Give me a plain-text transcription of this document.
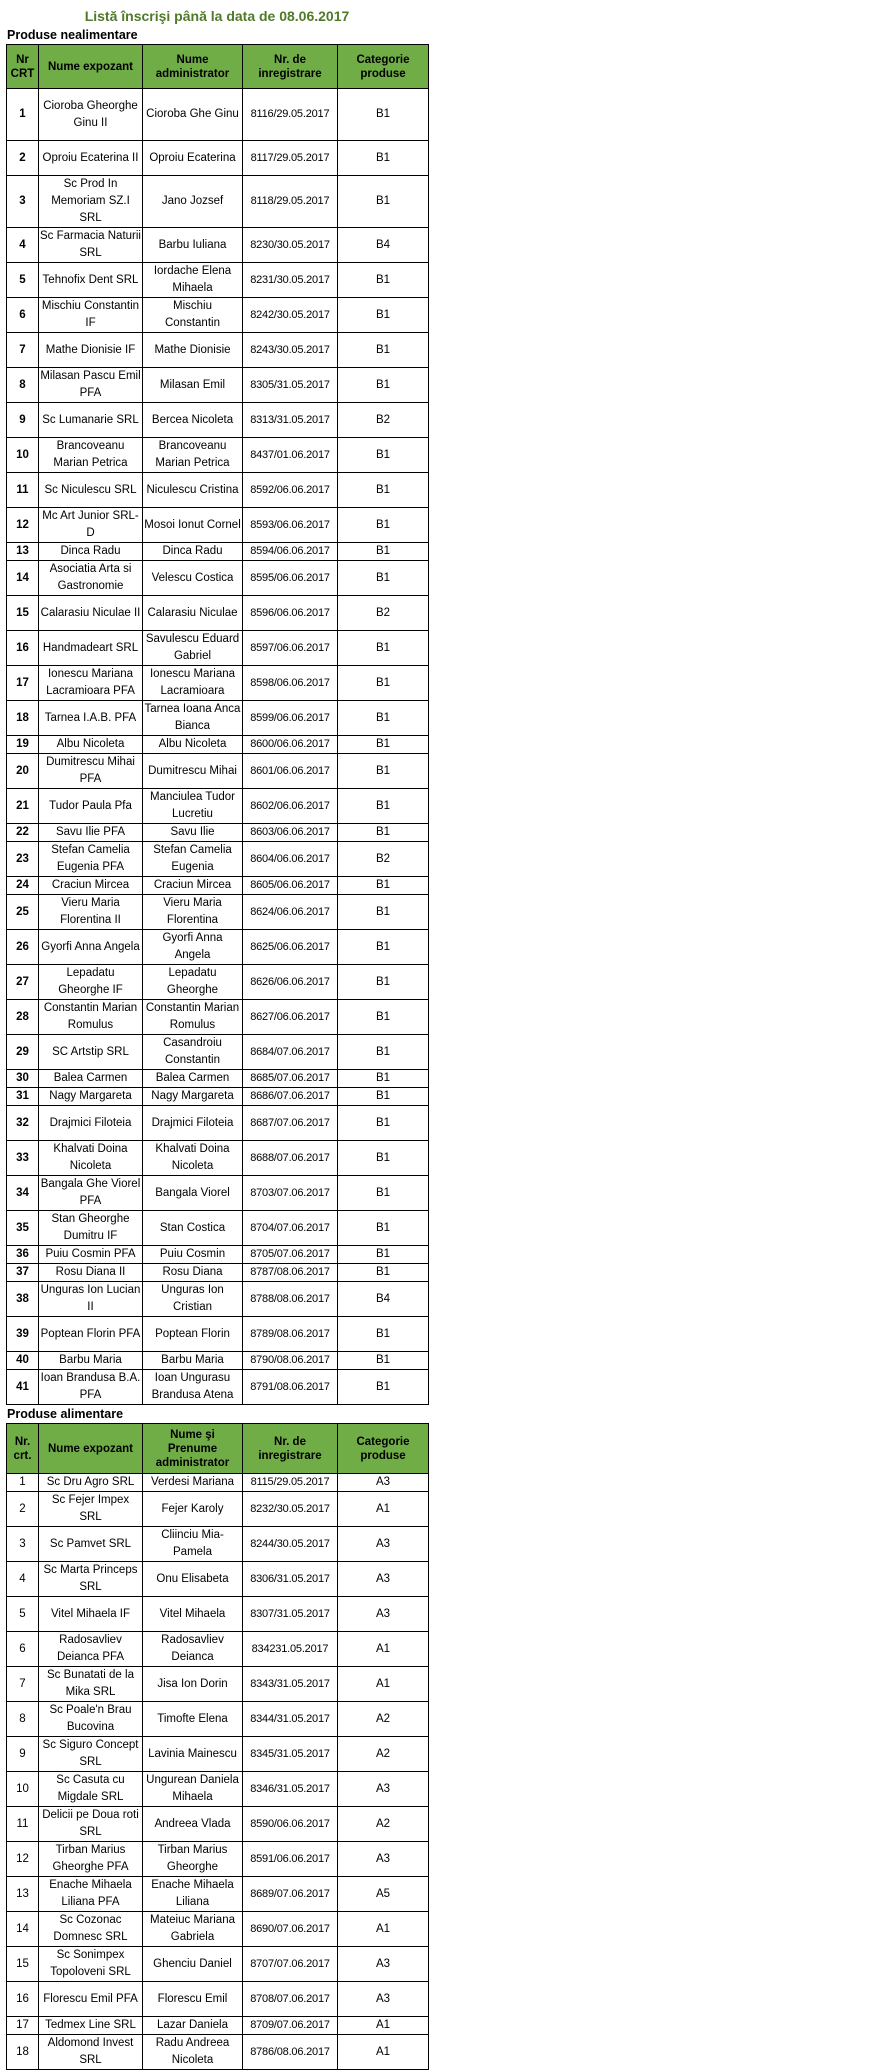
Listă înscrişi până la data de 08.06.2017
Produse nealimentare
Nr CRT	Nume expozant	Nume administrator	Nr. de inregistrare	Categorie produse
1	Cioroba Gheorghe Ginu II	Cioroba Ghe Ginu	8116/29.05.2017	B1
2	Oproiu Ecaterina II	Oproiu Ecaterina	8117/29.05.2017	B1
3	Sc Prod In Memoriam SZ.I SRL	Jano Jozsef	8118/29.05.2017	B1
4	Sc Farmacia Naturii SRL	Barbu Iuliana	8230/30.05.2017	B4
5	Tehnofix Dent SRL	Iordache Elena Mihaela	8231/30.05.2017	B1
6	Mischiu Constantin IF	Mischiu Constantin	8242/30.05.2017	B1
7	Mathe Dionisie IF	Mathe Dionisie	8243/30.05.2017	B1
8	Milasan Pascu Emil PFA	Milasan Emil	8305/31.05.2017	B1
9	Sc Lumanarie SRL	Bercea Nicoleta	8313/31.05.2017	B2
10	Brancoveanu Marian Petrica	Brancoveanu Marian Petrica	8437/01.06.2017	B1
11	Sc Niculescu SRL	Niculescu Cristina	8592/06.06.2017	B1
12	Mc Art Junior SRL-D	Mosoi Ionut Cornel	8593/06.06.2017	B1
13	Dinca Radu	Dinca Radu	8594/06.06.2017	B1
14	Asociatia Arta si Gastronomie	Velescu Costica	8595/06.06.2017	B1
15	Calarasiu Niculae II	Calarasiu Niculae	8596/06.06.2017	B2
16	Handmadeart SRL	Savulescu Eduard Gabriel	8597/06.06.2017	B1
17	Ionescu Mariana Lacramioara PFA	Ionescu Mariana Lacramioara	8598/06.06.2017	B1
18	Tarnea I.A.B. PFA	Tarnea Ioana Anca Bianca	8599/06.06.2017	B1
19	Albu Nicoleta	Albu Nicoleta	8600/06.06.2017	B1
20	Dumitrescu Mihai PFA	Dumitrescu Mihai	8601/06.06.2017	B1
21	Tudor Paula Pfa	Manciulea Tudor Lucretiu	8602/06.06.2017	B1
22	Savu Ilie PFA	Savu Ilie	8603/06.06.2017	B1
23	Stefan Camelia Eugenia PFA	Stefan Camelia Eugenia	8604/06.06.2017	B2
24	Craciun Mircea	Craciun Mircea	8605/06.06.2017	B1
25	Vieru Maria Florentina II	Vieru Maria Florentina	8624/06.06.2017	B1
26	Gyorfi Anna Angela	Gyorfi Anna Angela	8625/06.06.2017	B1
27	Lepadatu Gheorghe IF	Lepadatu Gheorghe	8626/06.06.2017	B1
28	Constantin Marian Romulus	Constantin Marian Romulus	8627/06.06.2017	B1
29	SC Artstip SRL	Casandroiu Constantin	8684/07.06.2017	B1
30	Balea Carmen	Balea Carmen	8685/07.06.2017	B1
31	Nagy Margareta	Nagy Margareta	8686/07.06.2017	B1
32	Drajmici Filoteia	Drajmici Filoteia	8687/07.06.2017	B1
33	Khalvati Doina Nicoleta	Khalvati Doina Nicoleta	8688/07.06.2017	B1
34	Bangala Ghe Viorel PFA	Bangala Viorel	8703/07.06.2017	B1
35	Stan Gheorghe Dumitru IF	Stan Costica	8704/07.06.2017	B1
36	Puiu Cosmin PFA	Puiu Cosmin	8705/07.06.2017	B1
37	Rosu Diana II	Rosu Diana	8787/08.06.2017	B1
38	Unguras Ion Lucian II	Unguras Ion Cristian	8788/08.06.2017	B4
39	Poptean Florin PFA	Poptean Florin	8789/08.06.2017	B1
40	Barbu Maria	Barbu Maria	8790/08.06.2017	B1
41	Ioan Brandusa B.A. PFA	Ioan Ungurasu Brandusa Atena	8791/08.06.2017	B1
Produse alimentare
Nr. crt.	Nume expozant	Nume şi Prenume administrator	Nr. de inregistrare	Categorie produse
1	Sc Dru Agro SRL	Verdesi Mariana	8115/29.05.2017	A3
2	Sc Fejer Impex SRL	Fejer Karoly	8232/30.05.2017	A1
3	Sc Pamvet SRL	Cliinciu Mia-Pamela	8244/30.05.2017	A3
4	Sc Marta Princeps SRL	Onu Elisabeta	8306/31.05.2017	A3
5	Vitel Mihaela IF	Vitel Mihaela	8307/31.05.2017	A3
6	Radosavliev Deianca PFA	Radosavliev Deianca	834231.05.2017	A1
7	Sc Bunatati de la Mika SRL	Jisa Ion Dorin	8343/31.05.2017	A1
8	Sc Poale'n Brau Bucovina	Timofte Elena	8344/31.05.2017	A2
9	Sc Siguro Concept SRL	Lavinia Mainescu	8345/31.05.2017	A2
10	Sc Casuta cu Migdale SRL	Ungurean Daniela Mihaela	8346/31.05.2017	A3
11	Delicii pe Doua roti SRL	Andreea Vlada	8590/06.06.2017	A2
12	Tirban Marius Gheorghe PFA	Tirban Marius Gheorghe	8591/06.06.2017	A3
13	Enache Mihaela Liliana PFA	Enache Mihaela Liliana	8689/07.06.2017	A5
14	Sc Cozonac Domnesc SRL	Mateiuc Mariana Gabriela	8690/07.06.2017	A1
15	Sc Sonimpex Topoloveni SRL	Ghenciu Daniel	8707/07.06.2017	A3
16	Florescu Emil PFA	Florescu Emil	8708/07.06.2017	A3
17	Tedmex Line SRL	Lazar Daniela	8709/07.06.2017	A1
18	Aldomond Invest SRL	Radu Andreea Nicoleta	8786/08.06.2017	A1
